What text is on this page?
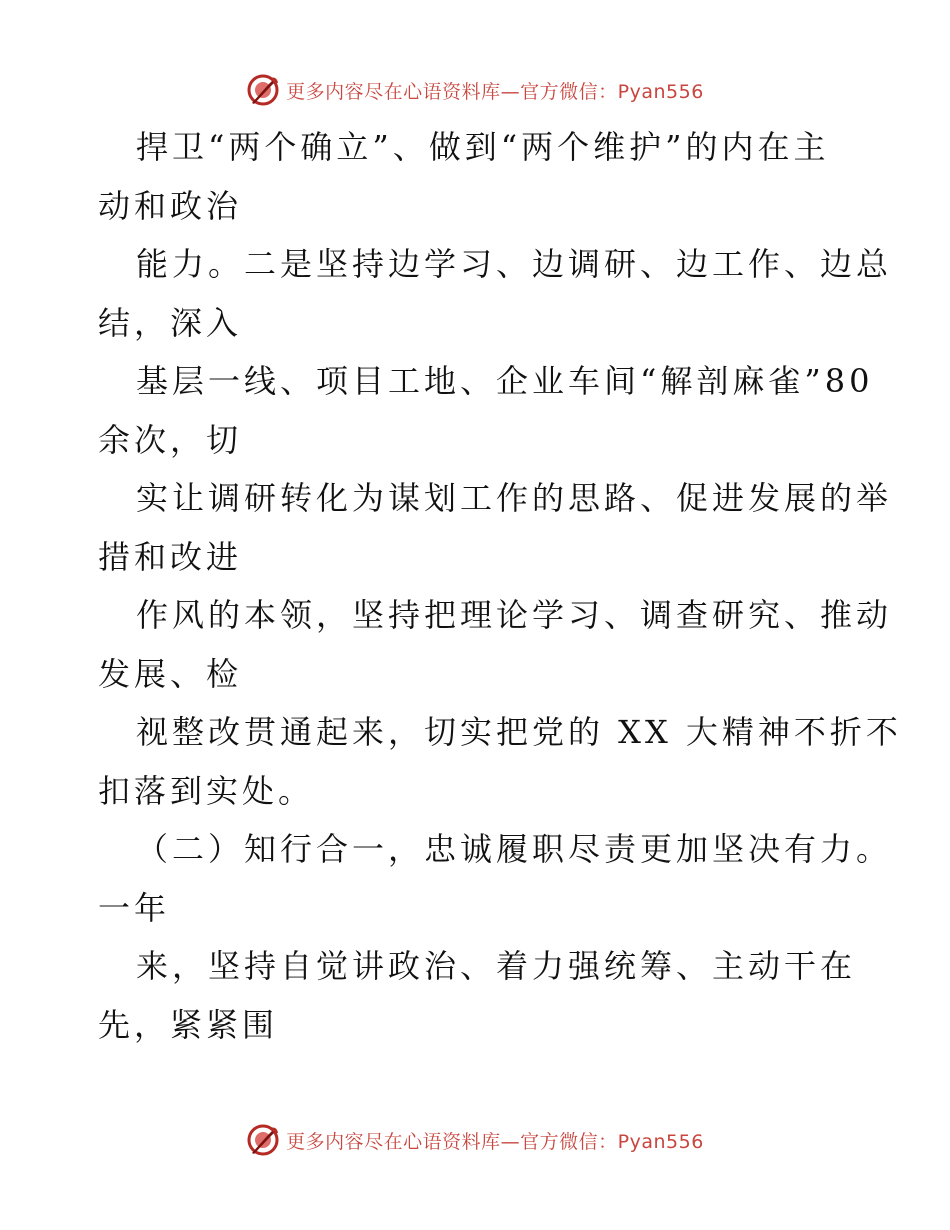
更多内容尽在心语资料库—官方微信：Pyan556
捍卫“两个确立”、做到“两个维护”的内在主
动和政治
能力。二是坚持边学习、边调研、边工作、边总
结，深入
基层一线、项目工地、企业车间“解剖麻雀”80
余次，切
实让调研转化为谋划工作的思路、促进发展的举
措和改进
作风的本领，坚持把理论学习、调查研究、推动
发展、检
视整改贯通起来，切实把党的 XX 大精神不折不
扣落到实处。
（二）知行合一，忠诚履职尽责更加坚决有力。
一年
来，坚持自觉讲政治、着力强统筹、主动干在
先，紧紧围
更多内容尽在心语资料库—官方微信：Pyan556
